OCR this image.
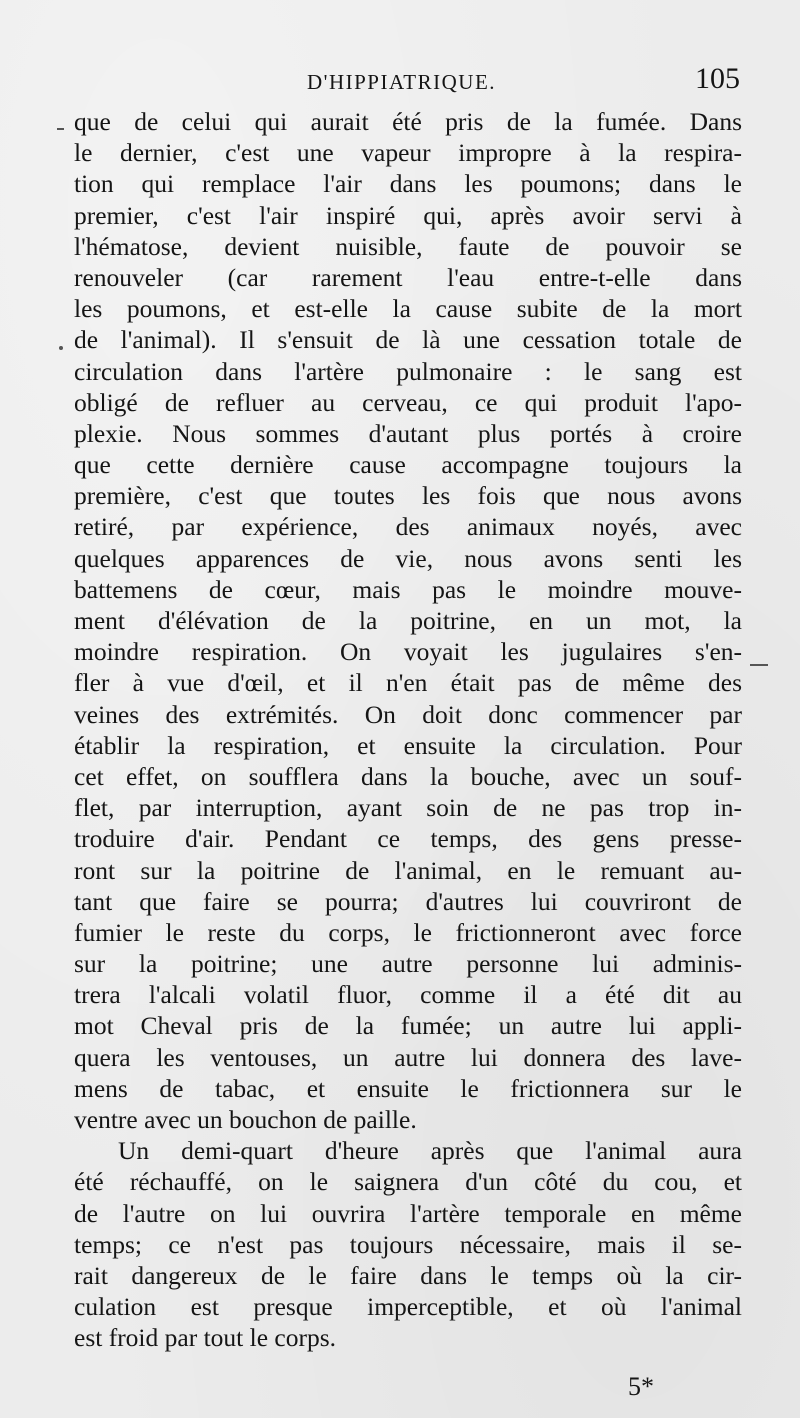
D'HIPPIATRIQUE.	105
que de celui qui aurait été pris de la fumée. Dans
le dernier, c'est une vapeur impropre à la respira-
tion qui remplace l'air dans les poumons; dans le
premier, c'est l'air inspiré qui, après avoir servi à
l'hématose, devient nuisible, faute de pouvoir se
renouveler (car rarement l'eau entre-t-elle dans
les poumons, et est-elle la cause subite de la mort
de l'animal). Il s'ensuit de là une cessation totale de
circulation dans l'artère pulmonaire : le sang est
obligé de refluer au cerveau, ce qui produit l'apo-
plexie. Nous sommes d'autant plus portés à croire
que cette dernière cause accompagne toujours la
première, c'est que toutes les fois que nous avons
retiré, par expérience, des animaux noyés, avec
quelques apparences de vie, nous avons senti les
battemens de cœur, mais pas le moindre mouve-
ment d'élévation de la poitrine, en un mot, la
moindre respiration. On voyait les jugulaires s'en-
fler à vue d'œil, et il n'en était pas de même des
veines des extrémités. On doit donc commencer par
établir la respiration, et ensuite la circulation. Pour
cet effet, on soufflera dans la bouche, avec un souf-
flet, par interruption, ayant soin de ne pas trop in-
troduire d'air. Pendant ce temps, des gens presse-
ront sur la poitrine de l'animal, en le remuant au-
tant que faire se pourra; d'autres lui couvriront de
fumier le reste du corps, le frictionneront avec force
sur la poitrine; une autre personne lui adminis-
trera l'alcali volatil fluor, comme il a été dit au
mot Cheval pris de la fumée; un autre lui appli-
quera les ventouses, un autre lui donnera des lave-
mens de tabac, et ensuite le frictionnera sur le
ventre avec un bouchon de paille.
Un demi-quart d'heure après que l'animal aura
été réchauffé, on le saignera d'un côté du cou, et
de l'autre on lui ouvrira l'artère temporale en même
temps; ce n'est pas toujours nécessaire, mais il se-
rait dangereux de le faire dans le temps où la cir-
culation est presque imperceptible, et où l'animal
est froid par tout le corps.
5*
